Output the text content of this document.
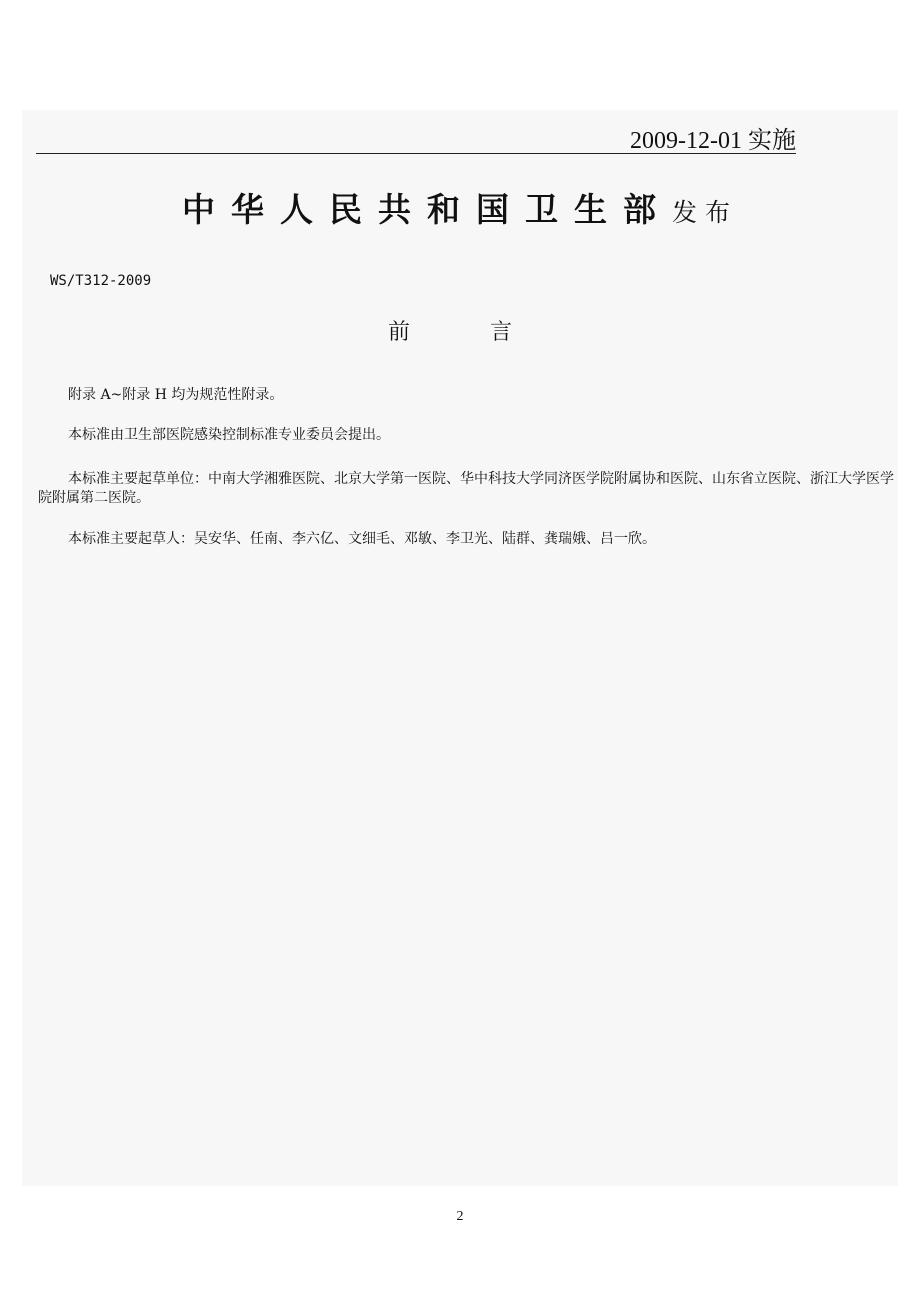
2009-12-01 实施
中华人民共和国卫生部发布
WS/T312-2009
前言

附录 A~附录 H 均为规范性附录。

本标准由卫生部医院感染控制标准专业委员会提出。

本标准主要起草单位：中南大学湘雅医院、北京大学第一医院、华中科技大学同济医学院附属协和医院、山东省立医院、浙江大学医学院附属第二医院。

本标准主要起草人：吴安华、任南、李六亿、文细毛、邓敏、李卫光、陆群、龚瑞娥、吕一欣。

2
